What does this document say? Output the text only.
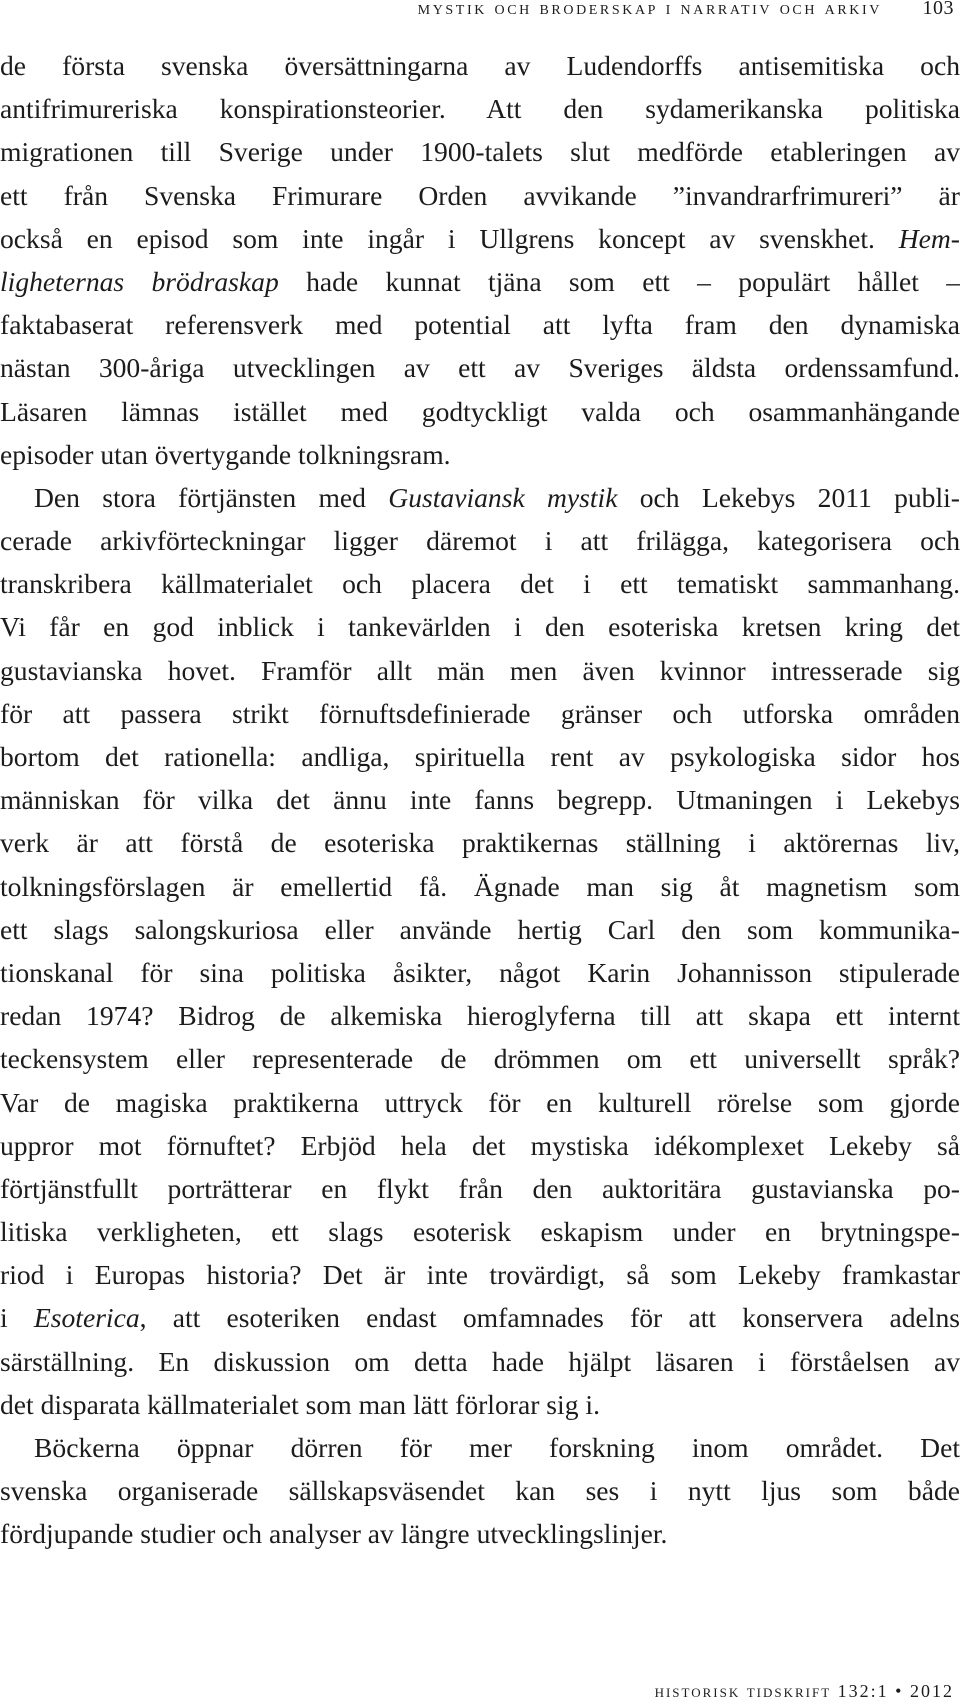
mystik och broderskap i narrativ och arkiv 103
de första svenska översättningarna av Ludendorffs antisemitiska och
antifrimureriska konspirationsteorier. Att den sydamerikanska politiska
migrationen till Sverige under 1900-talets slut medförde etableringen av
ett från Svenska Frimurare Orden avvikande ”invandrarfrimureri” är
också en episod som inte ingår i Ullgrens koncept av svenskhet. Hem-
ligheternas brödraskap hade kunnat tjäna som ett – populärt hållet –
faktabaserat referensverk med potential att lyfta fram den dynamiska
nästan 300-åriga utvecklingen av ett av Sveriges äldsta ordenssamfund.
Läsaren lämnas istället med godtyckligt valda och osammanhängande
episoder utan övertygande tolkningsram.
Den stora förtjänsten med Gustaviansk mystik och Lekebys 2011 publi-
cerade arkivförteckningar ligger däremot i att frilägga, kategorisera och
transkribera källmaterialet och placera det i ett tematiskt sammanhang.
Vi får en god inblick i tankevärlden i den esoteriska kretsen kring det
gustavianska hovet. Framför allt män men även kvinnor intresserade sig
för att passera strikt förnuftsdefinierade gränser och utforska områden
bortom det rationella: andliga, spirituella rent av psykologiska sidor hos
människan för vilka det ännu inte fanns begrepp. Utmaningen i Lekebys
verk är att förstå de esoteriska praktikernas ställning i aktörernas liv,
tolkningsförslagen är emellertid få. Ägnade man sig åt magnetism som
ett slags salongskuriosa eller använde hertig Carl den som kommunika-
tionskanal för sina politiska åsikter, något Karin Johannisson stipulerade
redan 1974? Bidrog de alkemiska hieroglyferna till att skapa ett internt
teckensystem eller representerade de drömmen om ett universellt språk?
Var de magiska praktikerna uttryck för en kulturell rörelse som gjorde
uppror mot förnuftet? Erbjöd hela det mystiska idékomplexet Lekeby så
förtjänstfullt porträtterar en flykt från den auktoritära gustavianska po-
litiska verkligheten, ett slags esoterisk eskapism under en brytningspe-
riod i Europas historia? Det är inte trovärdigt, så som Lekeby framkastar
i Esoterica, att esoteriken endast omfamnades för att konservera adelns
särställning. En diskussion om detta hade hjälpt läsaren i förståelsen av
det disparata källmaterialet som man lätt förlorar sig i.
Böckerna öppnar dörren för mer forskning inom området. Det
svenska organiserade sällskapsväsendet kan ses i nytt ljus som både
fördjupande studier och analyser av längre utvecklingslinjer.
historisk tidskrift 132:1 • 2012
